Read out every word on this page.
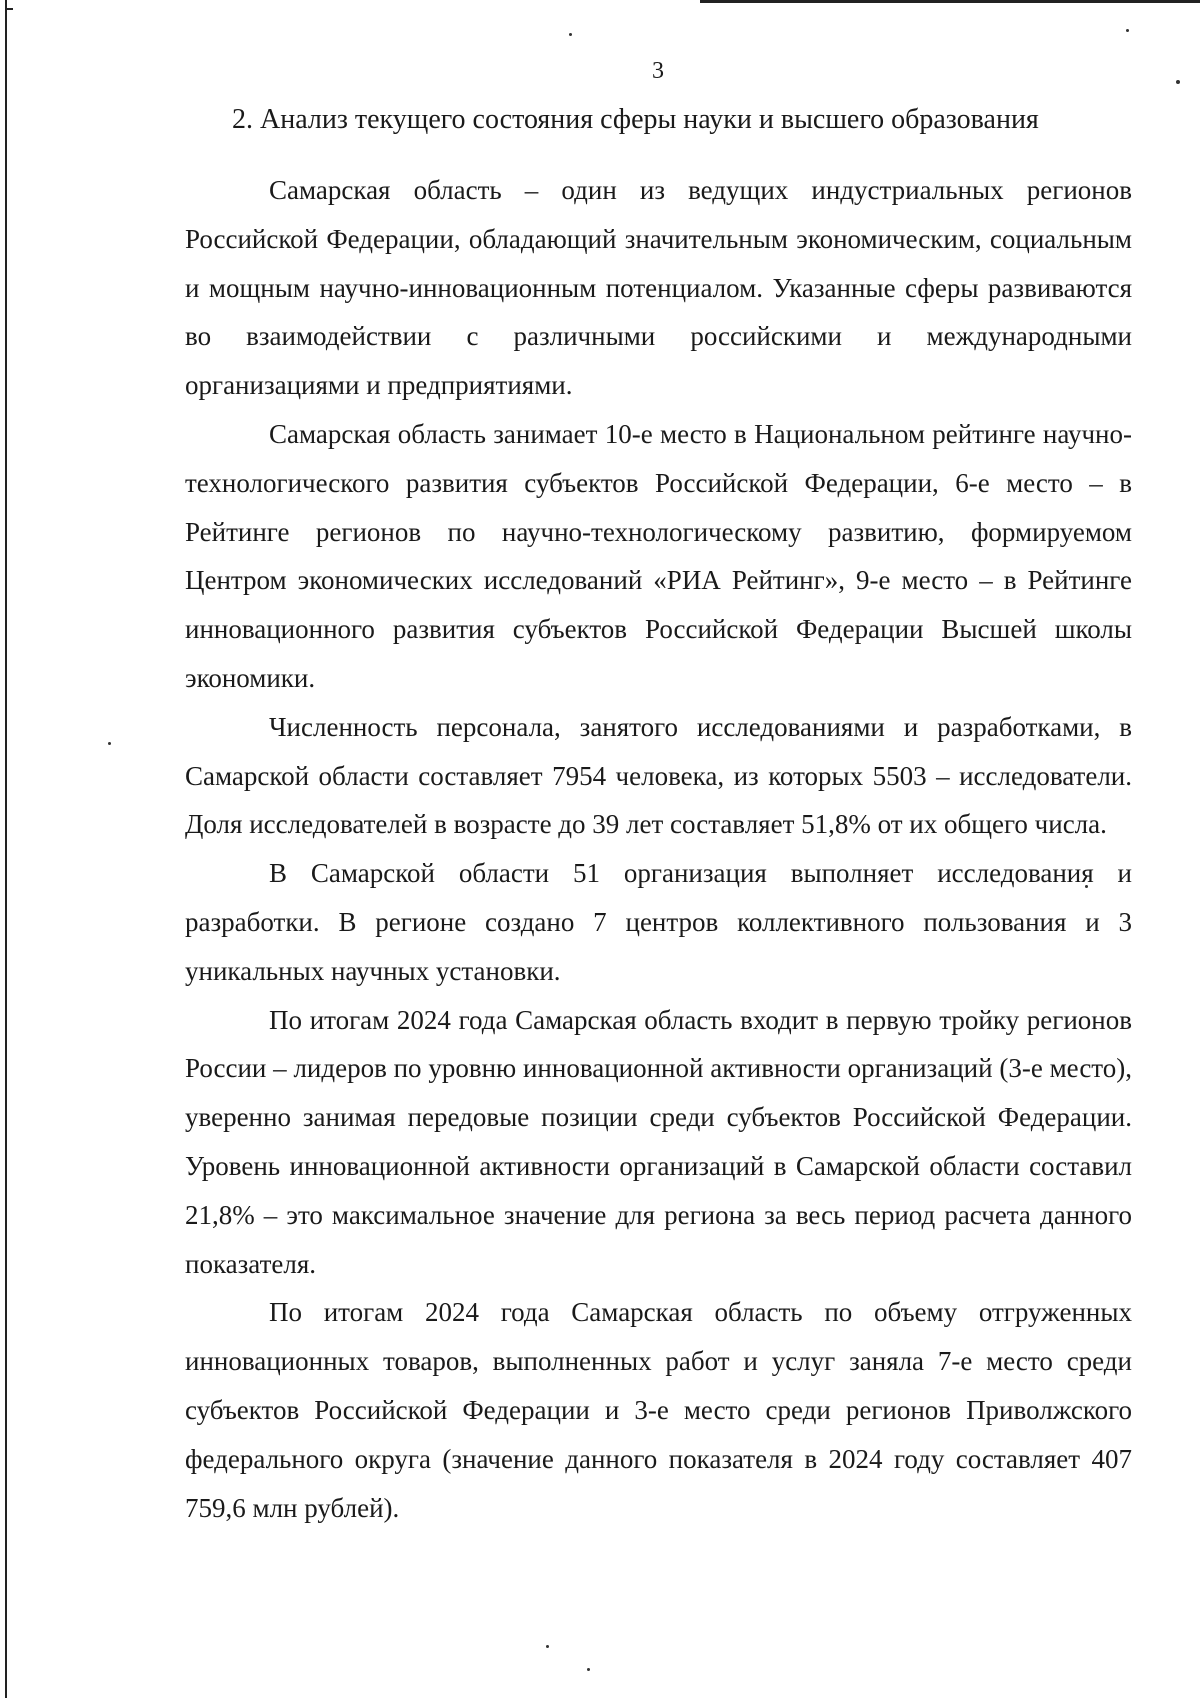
3
2. Анализ текущего состояния сферы науки и высшего образования

Самарская область – один из ведущих индустриальных регионов Российской Федерации, обладающий значительным экономическим, социальным и мощным научно-инновационным потенциалом. Указанные сферы развиваются во взаимодействии с различными российскими и международными организациями и предприятиями.

Самарская область занимает 10-е место в Национальном рейтинге научно-технологического развития субъектов Российской Федерации, 6-е место – в Рейтинге регионов по научно-технологическому развитию, формируемом Центром экономических исследований «РИА Рейтинг», 9-е место – в Рейтинге инновационного развития субъектов Российской Федерации Высшей школы экономики.

Численность персонала, занятого исследованиями и разработками, в Самарской области составляет 7954 человека, из которых 5503 – исследователи. Доля исследователей в возрасте до 39 лет составляет 51,8% от их общего числа.

В Самарской области 51 организация выполняет исследования и разработки. В регионе создано 7 центров коллективного пользования и 3 уникальных научных установки.

По итогам 2024 года Самарская область входит в первую тройку регионов России – лидеров по уровню инновационной активности организаций (3-е место), уверенно занимая передовые позиции среди субъектов Российской Федерации. Уровень инновационной активности организаций в Самарской области составил 21,8% – это максимальное значение для региона за весь период расчета данного показателя.

По итогам 2024 года Самарская область по объему отгруженных инновационных товаров, выполненных работ и услуг заняла 7-е место среди субъектов Российской Федерации и 3-е место среди регионов Приволжского федерального округа (значение данного показателя в 2024 году составляет 407 759,6 млн рублей).
